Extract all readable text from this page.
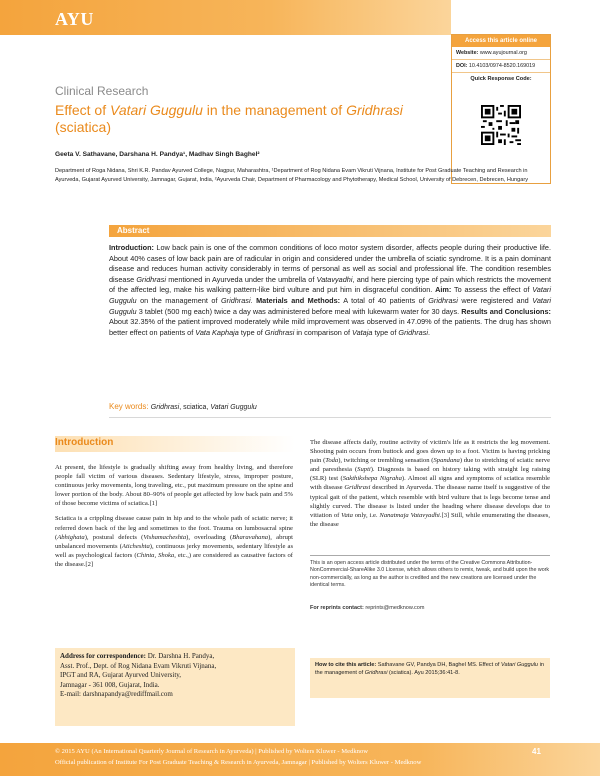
AYU
Access this article online
Website: www.ayujournal.org
DOI: 10.4103/0974-8520.169019
Quick Response Code:
Clinical Research
Effect of Vatari Guggulu in the management of Gridhrasi
(sciatica)
Geeta V. Sathavane, Darshana H. Pandya¹, Madhav Singh Baghel²
Department of Roga Nidana, Shri K.R. Pandav Ayurved College, Nagpur, Maharashtra, ¹Department of Rog Nidana Evam Vikruti Vijnana, Institute for Post Graduate Teaching and Research in Ayurveda, Gujarat Ayurved University, Jamnagar, Gujarat, India, ²Ayurveda Chair, Department of Pharmacology and Phytotherapy, Medical School, University of Debrecen, Debrecen, Hungary
Abstract
Introduction: Low back pain is one of the common conditions of loco motor system disorder, affects people during their productive life. About 40% cases of low back pain are of radicular in origin and considered under the umbrella of sciatic syndrome. It is a pain dominant disease and reduces human activity considerably in terms of personal as well as social and professional life. The condition resembles disease Gridhrasi mentioned in Ayurveda under the umbrella of Vatavyadhi, and here piercing type of pain which restricts the movement of the affected leg, make his walking pattern-like bird vulture and put him in disgraceful condition. Aim: To assess the effect of Vatari Guggulu on the management of Gridhrasi. Materials and Methods: A total of 40 patients of Gridhrasi were registered and Vatari Guggulu 3 tablet (500 mg each) twice a day was administered before meal with lukewarm water for 30 days. Results and Conclusions: About 32.35% of the patient improved moderately while mild improvement was observed in 47.09% of the patients. The drug has shown better effect on patients of Vata Kaphaja type of Gridhrasi in comparison of Vataja type of Gridhrasi.
Key words: Gridhrasi, sciatica, Vatari Guggulu
Introduction

At present, the lifestyle is gradually shifting away from healthy living, and therefore people fall victim of various diseases. Sedentary lifestyle, stress, improper posture, continuous jerky movements, long traveling, etc., put maximum pressure on the spine and lower portion of the body. About 80–90% of people get affected by low back pain and 5% of those become victims of sciatica.[1]

Sciatica is a crippling disease cause pain in hip and to the whole path of sciatic nerve; it referred down back of the leg and sometimes to the foot. Trauma on lumbosacral spine (Abhighata), postural defects (Vishamacheshta), overloading (Bharavahana), abrupt unbalanced movements (Aticheshta), continuous jerky movements, sedentary lifestyle as well as psychological factors (Chinta, Shoka, etc.,) are considered as causative factors of the disease.[2]

The disease affects daily, routine activity of victim's life as it restricts the leg movement. Shooting pain occurs from buttock and goes down up to a foot. Victim is having pricking pain (Toda), twitching or trembling sensation (Spandana) due to stretching of sciatic nerve and paresthesia (Supti). Diagnosis is based on history taking with straight leg raising (SLR) test (Sakthikshepa Nigraha). Almost all signs and symptoms of sciatica resemble with disease Gridhrasi described in Ayurveda. The disease name itself is suggestive of the typical gait of the patient, which resemble with bird vulture that is legs become tense and slightly curved. The disease is listed under the heading where disease develops due to vitiation of Vata only, i.e. Nanatmaja Vatavyadhi.[3] Still, while enumerating the diseases, the disease
This is an open access article distributed under the terms of the Creative Commons Attribution-NonCommercial-ShareAlike 3.0 License, which allows others to remix, tweak, and build upon the work non-commercially, as long as the author is credited and the new creations are licensed under the identical terms.
For reprints contact: reprints@medknow.com
Address for correspondence: Dr. Darshna H. Pandya,
Asst. Prof., Dept. of Rog Nidana Evam Vikruti Vijnana,
IPGT and RA, Gujarat Ayurved University,
Jamnagar - 361 008, Gujarat, India.
E-mail: darshnapandya@rediffmail.com
How to cite this article: Sathavane GV, Pandya DH, Baghel MS. Effect of Vatari Guggulu in the management of Gridhrasi (sciatica). Ayu 2015;36:41-8.
© 2015 AYU (An International Quarterly Journal of Research in Ayurveda) | Published by Wolters Kluwer - Medknow
Official publication of Institute For Post Graduate Teaching & Research in Ayurveda, Jamnagar | Published by Wolters Kluwer - Medknow
41
